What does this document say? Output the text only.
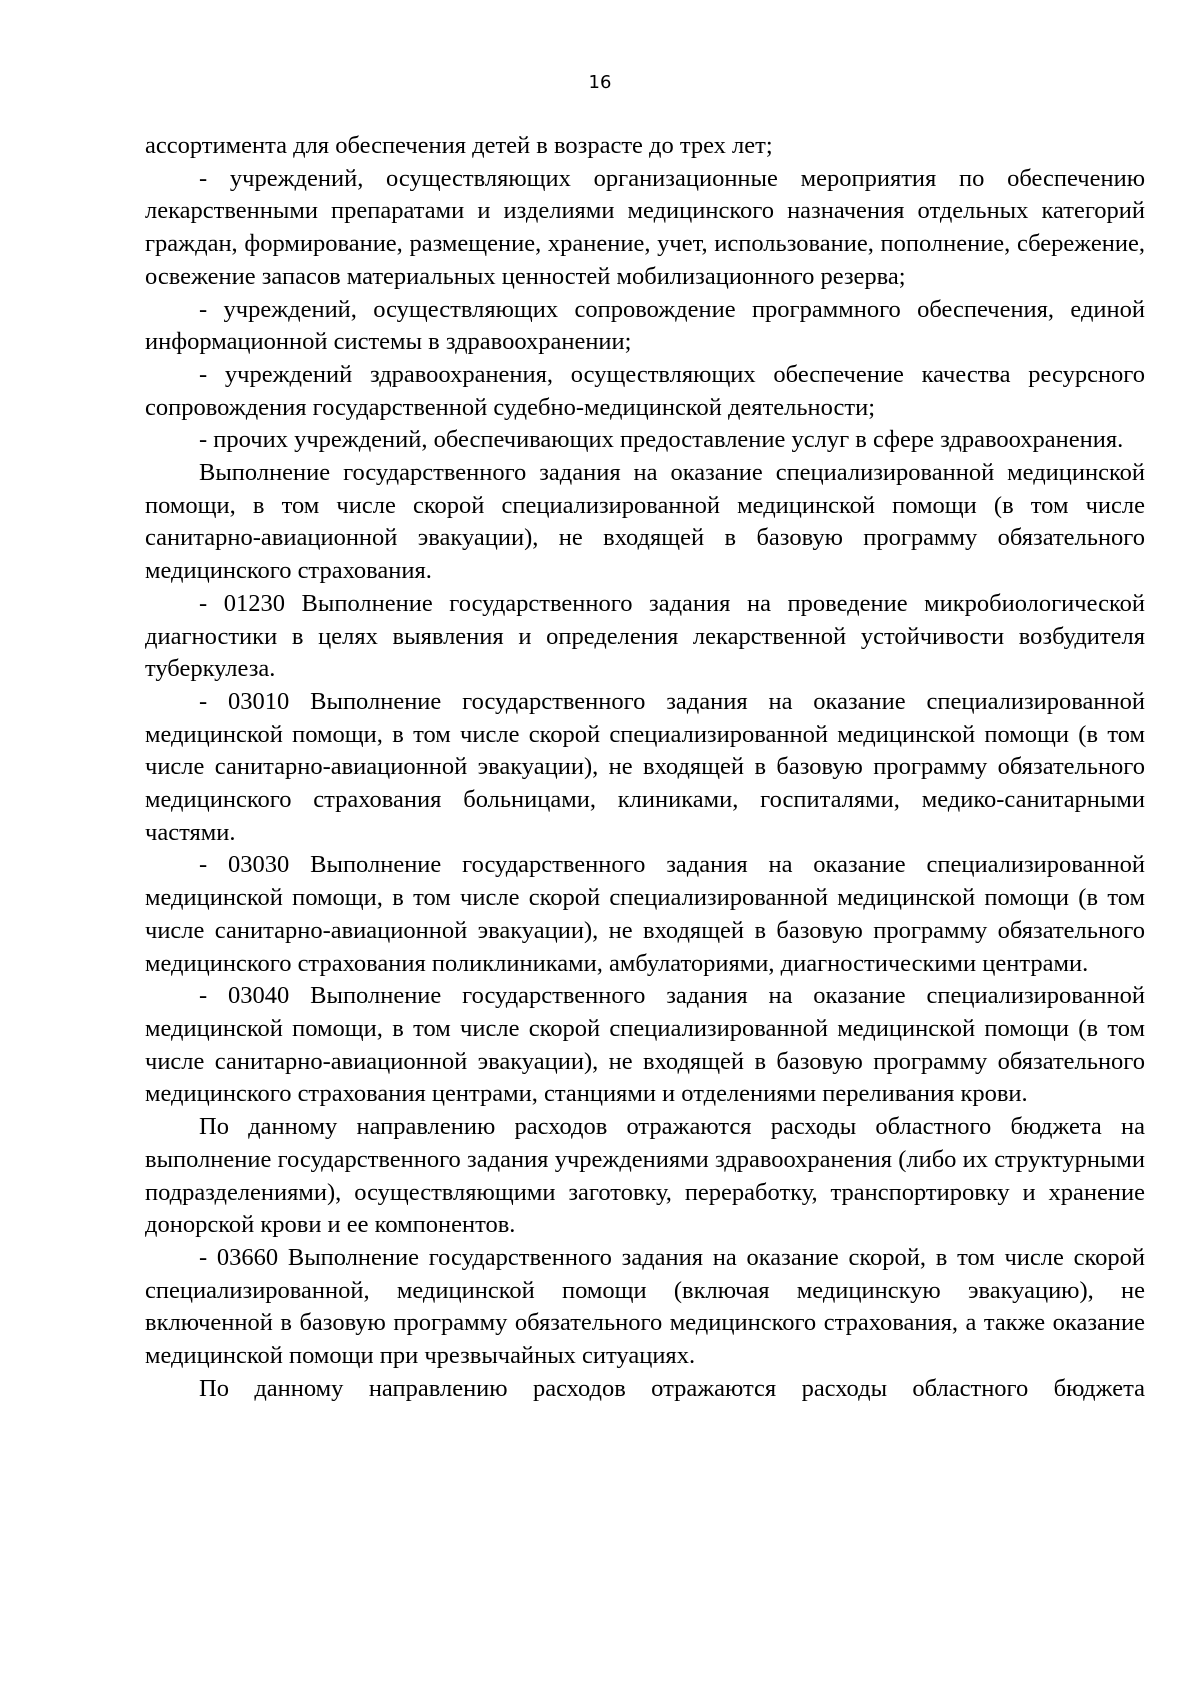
16

ассортимента для обеспечения детей в возрасте до трех лет;

- учреждений, осуществляющих организационные мероприятия по обеспечению лекарственными препаратами и изделиями медицинского назначения отдельных категорий граждан, формирование, размещение, хранение, учет, использование, пополнение, сбережение, освежение запасов материальных ценностей мобилизационного резерва;

- учреждений, осуществляющих сопровождение программного обеспечения, единой информационной системы в здравоохранении;

- учреждений здравоохранения, осуществляющих обеспечение качества ресурсного сопровождения государственной судебно-медицинской деятельности;

- прочих учреждений, обеспечивающих предоставление услуг в сфере здравоохранения.

Выполнение государственного задания на оказание специализированной медицинской помощи, в том числе скорой специализированной медицинской помощи (в том числе санитарно-авиационной эвакуации), не входящей в базовую программу обязательного медицинского страхования.

- 01230 Выполнение государственного задания на проведение микробиологической диагностики в целях выявления и определения лекарственной устойчивости возбудителя туберкулеза.

- 03010 Выполнение государственного задания на оказание специализированной медицинской помощи, в том числе скорой специализированной медицинской помощи (в том числе санитарно-авиационной эвакуации), не входящей в базовую программу обязательного медицинского страхования больницами, клиниками, госпиталями, медико-санитарными частями.

- 03030 Выполнение государственного задания на оказание специализированной медицинской помощи, в том числе скорой специализированной медицинской помощи (в том числе санитарно-авиационной эвакуации), не входящей в базовую программу обязательного медицинского страхования поликлиниками, амбулаториями, диагностическими центрами.

- 03040 Выполнение государственного задания на оказание специализированной медицинской помощи, в том числе скорой специализированной медицинской помощи (в том числе санитарно-авиационной эвакуации), не входящей в базовую программу обязательного медицинского страхования центрами, станциями и отделениями переливания крови.

По данному направлению расходов отражаются расходы областного бюджета на выполнение государственного задания учреждениями здравоохранения (либо их структурными подразделениями), осуществляющими заготовку, переработку, транспортировку и хранение донорской крови и ее компонентов.

- 03660 Выполнение государственного задания на оказание скорой, в том числе скорой специализированной, медицинской помощи (включая медицинскую эвакуацию), не включенной в базовую программу обязательного медицинского страхования, а также оказание медицинской помощи при чрезвычайных ситуациях.

По данному направлению расходов отражаются расходы областного бюджета
